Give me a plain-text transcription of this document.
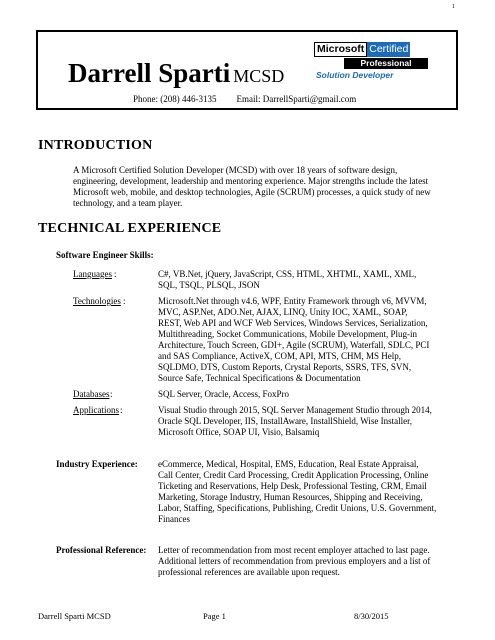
1
Darrell Sparti MCSD
Phone: (208) 446-3135 Email: DarrellSparti@gmail.com
Microsoft Certified
Professional
Solution Developer
INTRODUCTION
A Microsoft Certified Solution Developer (MCSD) with over 18 years of software design,
engineering, development, leadership and mentoring experience. Major strengths include the latest
Microsoft web, mobile, and desktop technologies, Agile (SCRUM) processes, a quick study of new
technology, and a team player.
TECHNICAL EXPERIENCE
Software Engineer Skills:
Languages :	C#, VB.Net, jQuery, JavaScript, CSS, HTML, XHTML, XAML, XML,
SQL, TSQL, PLSQL, JSON
Technologies :	Microsoft.Net through v4.6, WPF, Entity Framework through v6, MVVM,
MVC, ASP.Net, ADO.Net, AJAX, LINQ, Unity IOC, XAML, SOAP,
REST, Web API and WCF Web Services, Windows Services, Serialization,
Multithreading, Socket Communications, Mobile Development, Plug-in
Architecture, Touch Screen, GDI+, Agile (SCRUM), Waterfall, SDLC, PCI
and SAS Compliance, ActiveX, COM, API, MTS, CHM, MS Help,
SQLDMO, DTS, Custom Reports, Crystal Reports, SSRS, TFS, SVN,
Source Safe, Technical Specifications & Documentation
Databases :	SQL Server, Oracle, Access, FoxPro
Applications :	Visual Studio through 2015, SQL Server Management Studio through 2014,
Oracle SQL Developer, IIS, InstallAware, InstallShield, Wise Installer,
Microsoft Office, SOAP UI, Visio, Balsamiq
Industry Experience: eCommerce, Medical, Hospital, EMS, Education, Real Estate Appraisal,
Call Center, Credit Card Processing, Credit Application Processing, Online
Ticketing and Reservations, Help Desk, Professional Testing, CRM, Email
Marketing, Storage Industry, Human Resources, Shipping and Receiving,
Labor, Staffing, Specifications, Publishing, Credit Unions, U.S. Government,
Finances
Professional Reference: Letter of recommendation from most recent employer attached to last page.
Additional letters of recommendation from previous employers and a list of
professional references are available upon request.
Darrell Sparti MCSD	Page 1	8/30/2015
